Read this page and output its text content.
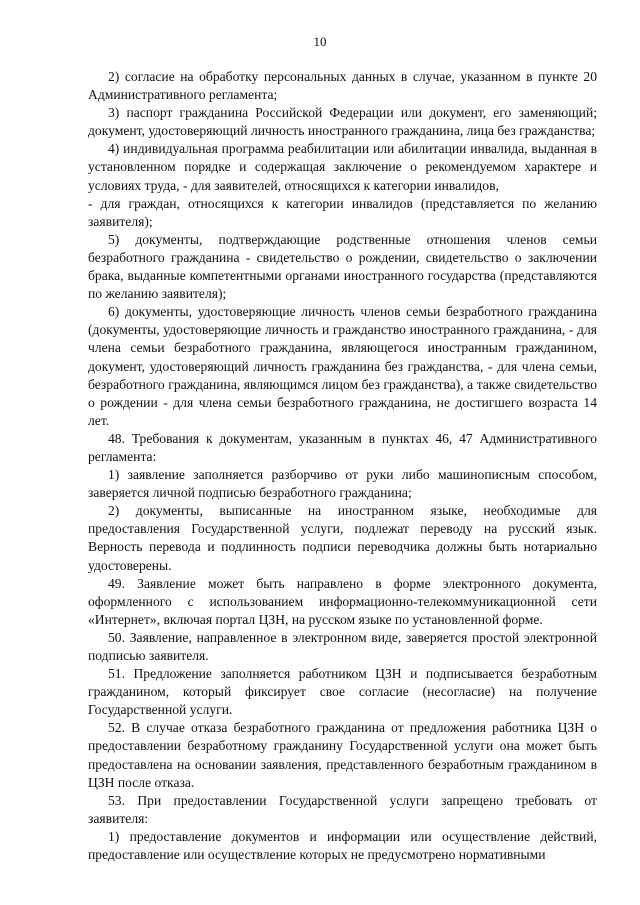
10

2) согласие на обработку персональных данных в случае, указанном в пункте 20 Административного регламента;

3) паспорт гражданина Российской Федерации или документ, его заменяющий; документ, удостоверяющий личность иностранного гражданина, лица без гражданства;

4) индивидуальная программа реабилитации или абилитации инвалида, выданная в установленном порядке и содержащая заключение о рекомендуемом характере и условиях труда, - для заявителей, относящихся к категории инвалидов,

- для граждан, относящихся к категории инвалидов (представляется по желанию заявителя);

5) документы, подтверждающие родственные отношения членов семьи безработного гражданина - свидетельство о рождении, свидетельство о заключении брака, выданные компетентными органами иностранного государства (представляются по желанию заявителя);

6) документы, удостоверяющие личность членов семьи безработного гражданина (документы, удостоверяющие личность и гражданство иностранного гражданина, - для члена семьи безработного гражданина, являющегося иностранным гражданином, документ, удостоверяющий личность гражданина без гражданства, - для члена семьи, безработного гражданина, являющимся лицом без гражданства), а также свидетельство о рождении - для члена семьи безработного гражданина, не достигшего возраста 14 лет.

48. Требования к документам, указанным в пунктах 46, 47 Административного регламента:

1) заявление заполняется разборчиво от руки либо машинописным способом, заверяется личной подписью безработного гражданина;

2) документы, выписанные на иностранном языке, необходимые для предоставления Государственной услуги, подлежат переводу на русский язык. Верность перевода и подлинность подписи переводчика должны быть нотариально удостоверены.

49. Заявление может быть направлено в форме электронного документа, оформленного с использованием информационно-телекоммуникационной сети «Интернет», включая портал ЦЗН, на русском языке по установленной форме.

50. Заявление, направленное в электронном виде, заверяется простой электронной подписью заявителя.

51. Предложение заполняется работником ЦЗН и подписывается безработным гражданином, который фиксирует свое согласие (несогласие) на получение Государственной услуги.

52. В случае отказа безработного гражданина от предложения работника ЦЗН о предоставлении безработному гражданину Государственной услуги она может быть предоставлена на основании заявления, представленного безработным гражданином в ЦЗН после отказа.

53. При предоставлении Государственной услуги запрещено требовать от заявителя:

1) предоставление документов и информации или осуществление действий, предоставление или осуществление которых не предусмотрено нормативными
